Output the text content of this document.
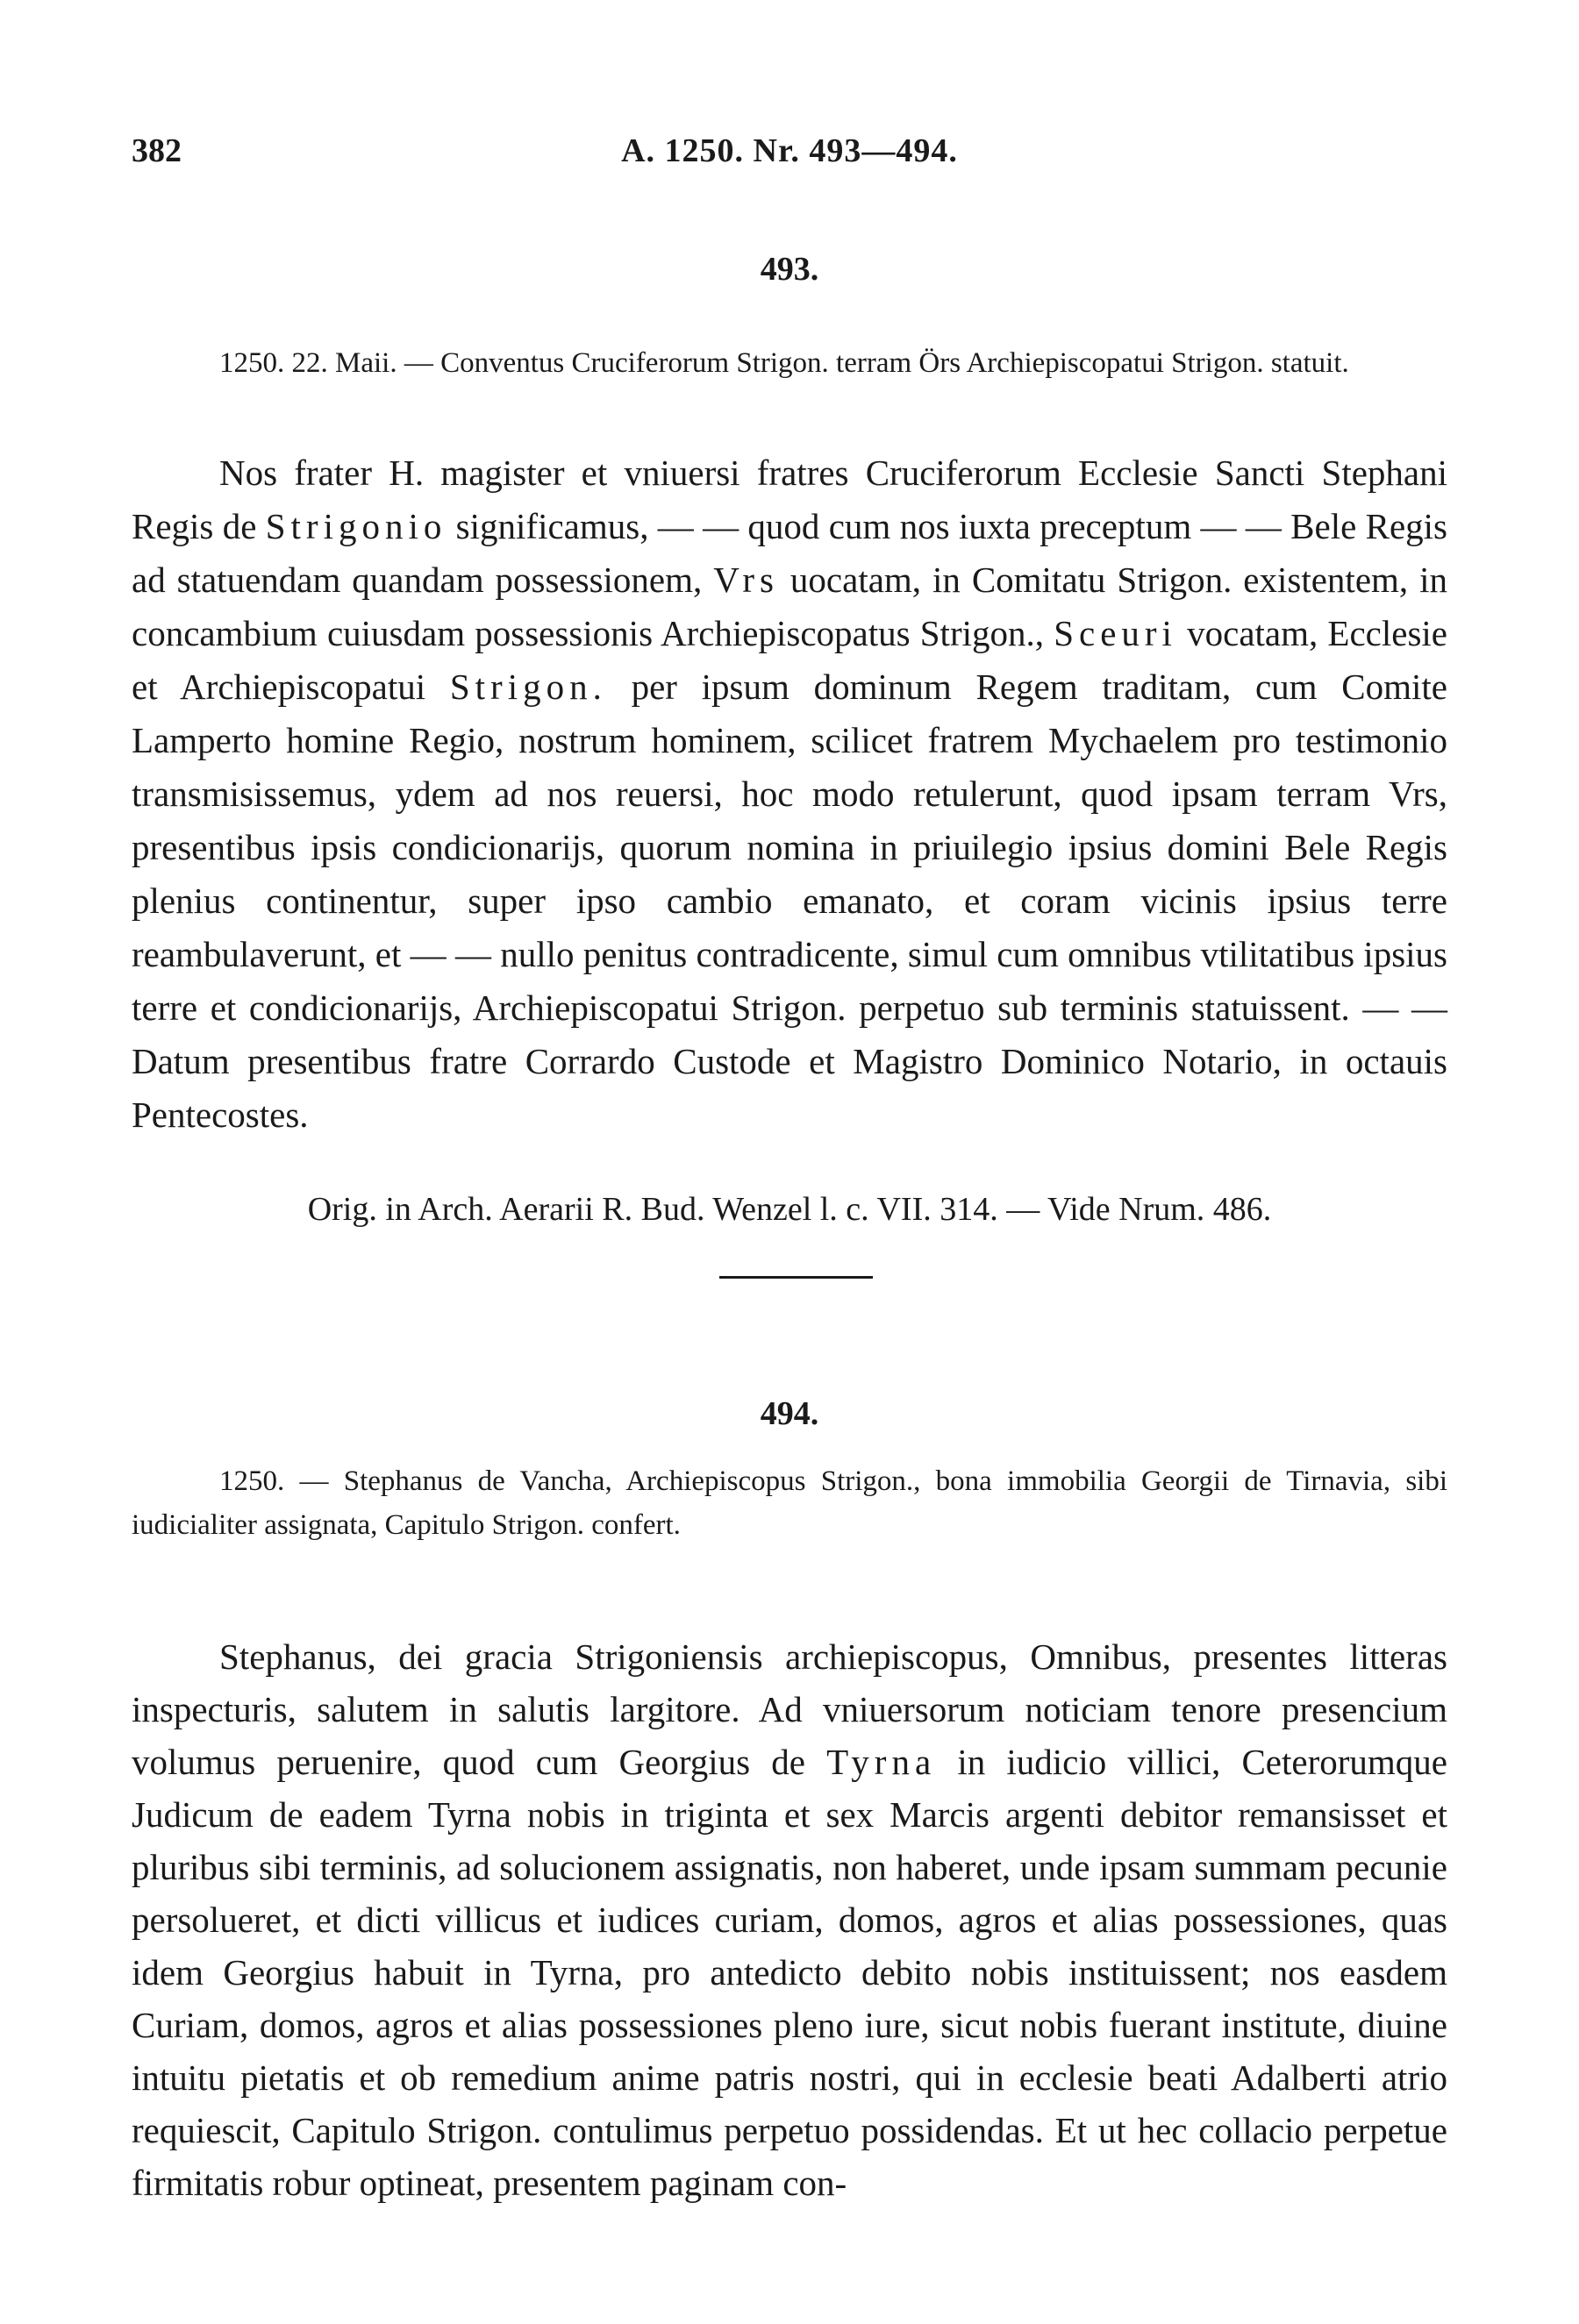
382	A. 1250. Nr. 493—494.
493.

1250. 22. Maii. — Conventus Cruciferorum Strigon. terram Örs Archiepiscopatui Strigon. statuit.

Nos frater H. magister et vniuersi fratres Cruciferorum Ecclesie Sancti Stephani Regis de Strigonio significamus, — — quod cum nos iuxta preceptum — — Bele Regis ad statuendam quandam possessionem, Vrs uocatam, in Comitatu Strigon. existentem, in concambium cuiusdam possessionis Archiepiscopatus Strigon., Sceuri vocatam, Ecclesie et Archiepiscopatui Strigon. per ipsum dominum Regem traditam, cum Comite Lamperto homine Regio, nostrum hominem, scilicet fratrem Mychaelem pro testimonio transmisissemus, ydem ad nos reuersi, hoc modo retulerunt, quod ipsam terram Vrs, presentibus ipsis condicionarijs, quorum nomina in priuilegio ipsius domini Bele Regis plenius continentur, super ipso cambio emanato, et coram vicinis ipsius terre reambulaverunt, et — — nullo penitus contradicente, simul cum omnibus vtilitatibus ipsius terre et condicionarijs, Archiepiscopatui Strigon. perpetuo sub terminis statuissent. — — Datum presentibus fratre Corrardo Custode et Magistro Dominico Notario, in octauis Pentecostes.

Orig. in Arch. Aerarii R. Bud. Wenzel l. c. VII. 314. — Vide Nrum. 486.

494.

1250. — Stephanus de Vancha, Archiepiscopus Strigon., bona immobilia Georgii de Tirnavia, sibi iudicialiter assignata, Capitulo Strigon. confert.

Stephanus, dei gracia Strigoniensis archiepiscopus, Omnibus, presentes litteras inspecturis, salutem in salutis largitore. Ad vniuersorum noticiam tenore presencium volumus peruenire, quod cum Georgius de Tyrna in iudicio villici, Ceterorumque Judicum de eadem Tyrna nobis in triginta et sex Marcis argenti debitor remansisset et pluribus sibi terminis, ad solucionem assignatis, non haberet, unde ipsam summam pecunie persolueret, et dicti villicus et iudices curiam, domos, agros et alias possessiones, quas idem Georgius habuit in Tyrna, pro antedicto debito nobis instituissent; nos easdem Curiam, domos, agros et alias possessiones pleno iure, sicut nobis fuerant institute, diuine intuitu pietatis et ob remedium anime patris nostri, qui in ecclesie beati Adalberti atrio requiescit, Capitulo Strigon. contulimus perpetuo possidendas. Et ut hec collacio perpetue firmitatis robur optineat, presentem paginam con-
